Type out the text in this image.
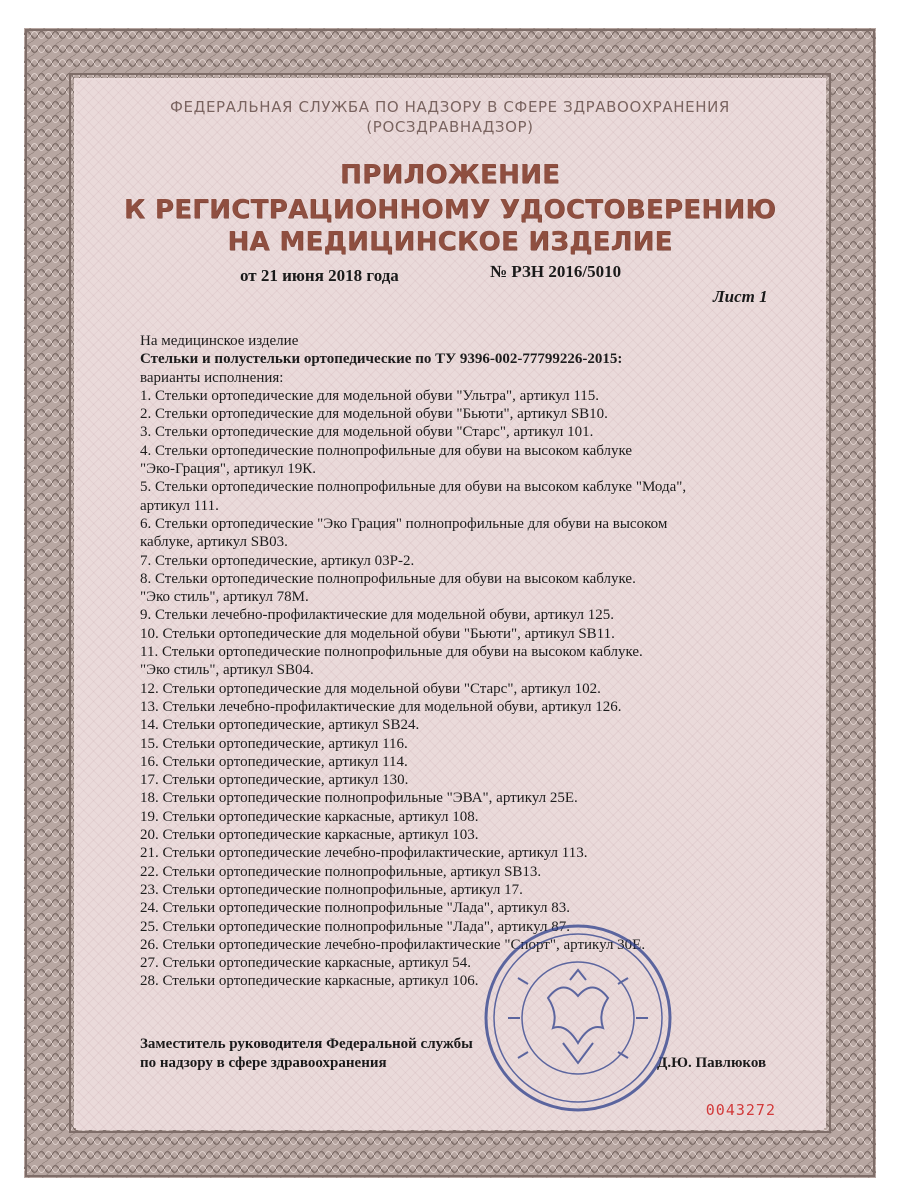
ФЕДЕРАЛЬНАЯ СЛУЖБА ПО НАДЗОРУ В СФЕРЕ ЗДРАВООХРАНЕНИЯ
(РОСЗДРАВНАДЗОР)
ПРИЛОЖЕНИЕ
К РЕГИСТРАЦИОННОМУ УДОСТОВЕРЕНИЮ
НА МЕДИЦИНСКОЕ ИЗДЕЛИЕ
от 21 июня 2018 года	№ РЗН 2016/5010
Лист 1
На медицинское изделие
Стельки и полустельки ортопедические по ТУ 9396-002-77799226-2015:
варианты исполнения:
1. Стельки ортопедические для модельной обуви "Ультра", артикул 115.
2. Стельки ортопедические для модельной обуви "Бьюти", артикул SB10.
3. Стельки ортопедические для модельной обуви "Старс", артикул 101.
4. Стельки ортопедические полнопрофильные для обуви на высоком каблуке
"Эко-Грация", артикул 19К.
5. Стельки ортопедические полнопрофильные для обуви на высоком каблуке "Мода",
артикул 111.
6. Стельки ортопедические "Эко Грация" полнопрофильные для обуви на высоком
каблуке, артикул SB03.
7. Стельки ортопедические, артикул 03Р-2.
8. Стельки ортопедические полнопрофильные для обуви на высоком каблуке.
"Эко стиль", артикул 78М.
9. Стельки лечебно-профилактические для модельной обуви, артикул 125.
10. Стельки ортопедические для модельной обуви "Бьюти", артикул SB11.
11. Стельки ортопедические полнопрофильные для обуви на высоком каблуке.
"Эко стиль", артикул SB04.
12. Стельки ортопедические для модельной обуви "Старс", артикул 102.
13. Стельки лечебно-профилактические для модельной обуви, артикул 126.
14. Стельки ортопедические, артикул SB24.
15. Стельки ортопедические, артикул 116.
16. Стельки ортопедические, артикул 114.
17. Стельки ортопедические, артикул 130.
18. Стельки ортопедические полнопрофильные "ЭВА", артикул 25Е.
19. Стельки ортопедические каркасные, артикул 108.
20. Стельки ортопедические каркасные, артикул 103.
21. Стельки ортопедические лечебно-профилактические, артикул 113.
22. Стельки ортопедические полнопрофильные, артикул SB13.
23. Стельки ортопедические полнопрофильные, артикул 17.
24. Стельки ортопедические полнопрофильные "Лада", артикул 83.
25. Стельки ортопедические полнопрофильные "Лада", артикул 87.
26. Стельки ортопедические лечебно-профилактические "Спорт", артикул 30Е.
27. Стельки ортопедические каркасные, артикул 54.
28. Стельки ортопедические каркасные, артикул 106.
Заместитель руководителя Федеральной службы
по надзору в сфере здравоохранения	Д.Ю. Павлюков
0043272
